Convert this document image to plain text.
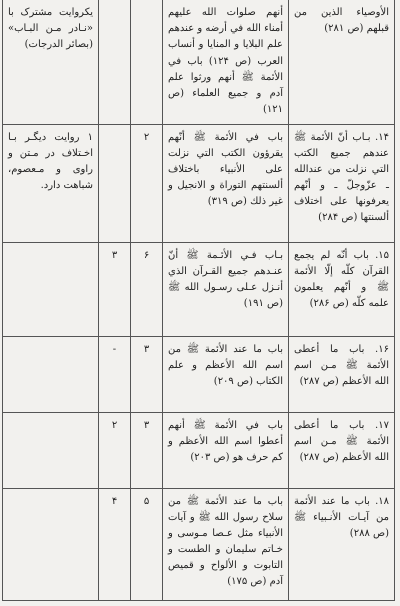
الأوصياء الذين من قبلهم (ص ۲۸۱)	أنهم صلوات الله عليهم أمناء الله في أرضه و عندهم علم البلايا و المنايا و أنساب العرب (ص ۱۲۴) باب في الأئمة ﷺ أنهم ورثوا علم آدم و جميع العلماء (ص ۱۲۱)			یکروایت مشترک با «نـادر مـن البـاب» (بصائر الدرجات)
۱۴. بـاب أنّ الأئمة ﷺ عندهم جميع الكتب التي نزلت من عندالله ـ عزّوجلّ ـ و أنّهم يعرفونها على اختلاف ألسنتها (ص ۲۸۴)	باب في الأئمة ﷺ أنّهم يقرؤون الكتب التي نزلت على الأنبياء باختلاف ألسنتهم التوراة و الانجيل و غير ذلك (ص ۳۱۹)	۲		۱ روایت دیگـر بـا اخـتلاف در مـتن و راوی و مـعصوم، شباهت دارد.
۱۵. باب أنّه لم يجمع القرآن كلّه إلّا الأئمة ﷺ و أنّهم يعلمون علمه كلّه (ص ۲۸۶)	بـاب فـي الأئـمة ﷺ أنّ عنـدهم جميع القـرآن الذي أنـزل عـلى رسـول الله ﷺ (ص ۱۹۱)	۶	۳	
۱۶. باب ما أعطى الأئمة ﷺ مـن اسم الله الأعظم (ص ۲۸۷)	باب ما عند الأئمة ﷺ من اسم الله الأعظم و علم الكتاب (ص ۲۰۹)	۳	-	
۱۷. باب ما أعطى الأئمة ﷺ مـن اسم الله الأعظم (ص ۲۸۷)	باب في الأئمة ﷺ أنهم أعطوا اسم الله الأعظم و كم حرف هو (ص ۲۰۳)	۳	۲	
۱۸. باب ما عند الأئمة من آيـات الأنـبياء ﷺ (ص ۲۸۸)	باب ما عند الأئمة ﷺ من سلاح رسول الله ﷺ و آيات الأنبياء مثل عـصا مـوسى و خـاتم سليمان و الطست و التابوت و الألواح و قميص آدم (ص ۱۷۵)	۵	۴	
